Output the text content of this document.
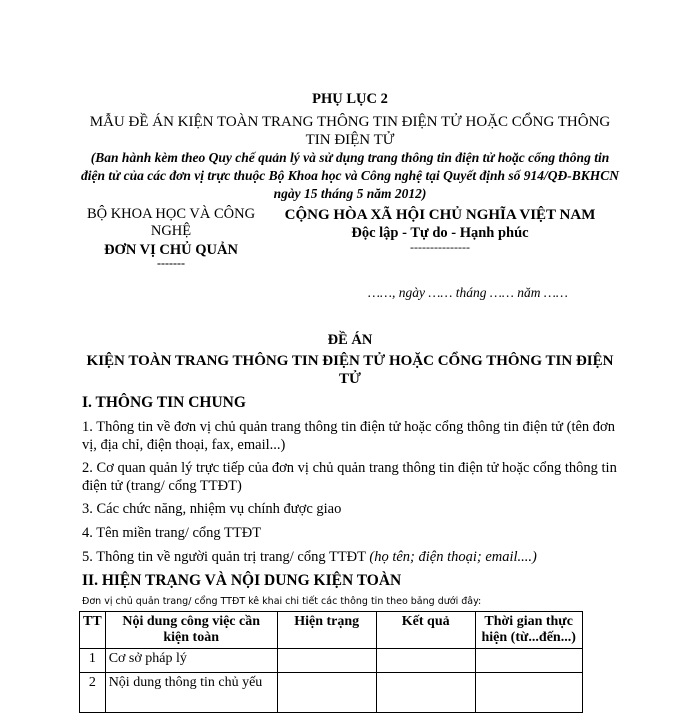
PHỤ LỤC 2
MẪU ĐỀ ÁN KIỆN TOÀN TRANG THÔNG TIN ĐIỆN TỬ HOẶC CỔNG THÔNG TIN ĐIỆN TỬ
(Ban hành kèm theo Quy chế quản lý và sử dụng trang thông tin điện tử hoặc cổng thông tin điện tử của các đơn vị trực thuộc Bộ Khoa học và Công nghệ tại Quyết định số 914/QĐ-BKHCN ngày 15 tháng 5 năm 2012)
BỘ KHOA HỌC VÀ CÔNG NGHỆ
ĐƠN VỊ CHỦ QUẢN
-------
CỘNG HÒA XÃ HỘI CHỦ NGHĨA VIỆT NAM
Độc lập - Tự do - Hạnh phúc
---------------
……, ngày …… tháng …… năm ……
ĐỀ ÁN
KIỆN TOÀN TRANG THÔNG TIN ĐIỆN TỬ HOẶC CỔNG THÔNG TIN ĐIỆN TỬ
I. THÔNG TIN CHUNG
1. Thông tin về đơn vị chủ quản trang thông tin điện tử hoặc cổng thông tin điện tử (tên đơn vị, địa chỉ, điện thoại, fax, email...)
2. Cơ quan quản lý trực tiếp của đơn vị chủ quản trang thông tin điện tử hoặc cổng thông tin điện tử (trang/ cổng TTĐT)
3. Các chức năng, nhiệm vụ chính được giao
4. Tên miền trang/ cổng TTĐT
5. Thông tin về người quản trị trang/ cổng TTĐT (họ tên; điện thoại; email....)
II. HIỆN TRẠNG VÀ NỘI DUNG KIỆN TOÀN
Đơn vị chủ quản trang/ cổng TTĐT kê khai chi tiết các thông tin theo bảng dưới đây:
TT	Nội dung công việc cần kiện toàn	Hiện trạng	Kết quả	Thời gian thực hiện (từ...đến...)
1	Cơ sở pháp lý			
2	Nội dung thông tin chủ yếu			
